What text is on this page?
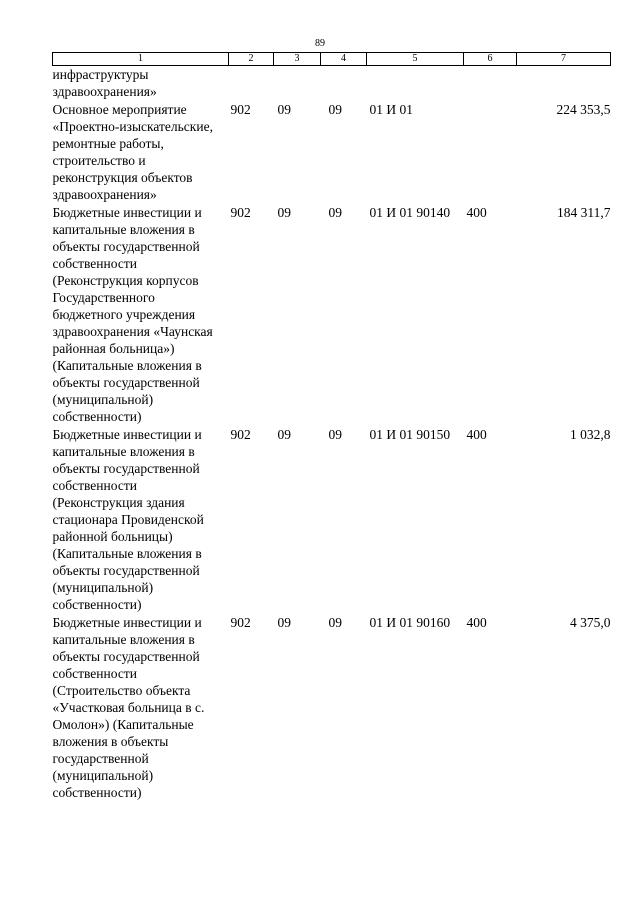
89
1	2	3	4	5	6	7
инфраструктуры здравоохранения»						
Основное мероприятие «Проектно-изыскательские, ремонтные работы, строительство и реконструкция объектов здравоохранения»	902	09	09	01 И 01		224 353,5
Бюджетные инвестиции и капитальные вложения в объекты государственной собственности (Реконструкция корпусов Государственного бюджетного учреждения здравоохранения «Чаунская районная больница») (Капитальные вложения в объекты государственной (муниципальной) собственности)	902	09	09	01 И 01 90140	400	184 311,7
Бюджетные инвестиции и капитальные вложения в объекты государственной собственности (Реконструкция здания стационара Провиденской районной больницы) (Капитальные вложения в объекты государственной (муниципальной) собственности)	902	09	09	01 И 01 90150	400	1 032,8
Бюджетные инвестиции и капитальные вложения в объекты государственной собственности (Строительство объекта «Участковая больница в с. Омолон») (Капитальные вложения в объекты государственной (муниципальной) собственности)	902	09	09	01 И 01 90160	400	4 375,0
